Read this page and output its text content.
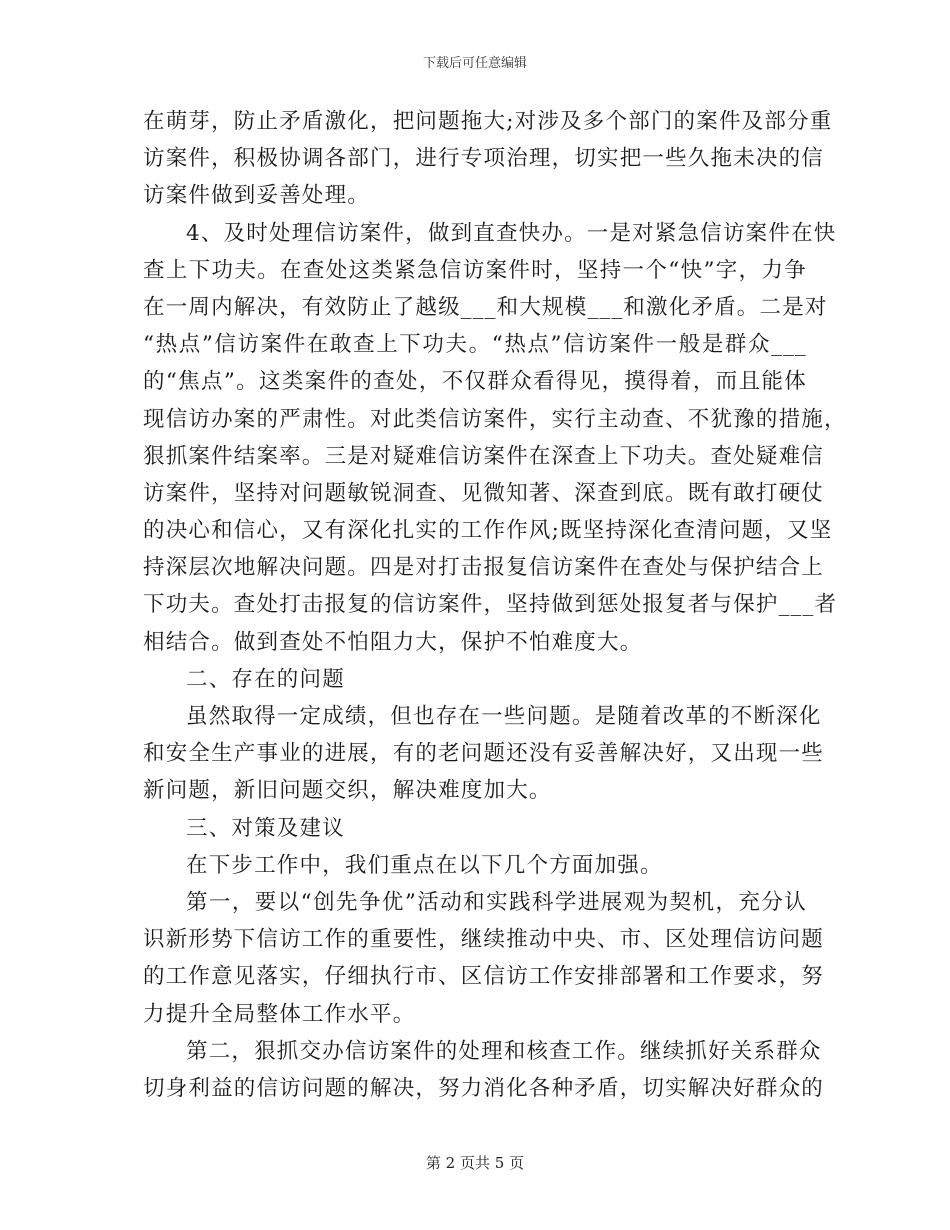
下载后可任意编辑
在萌芽，防止矛盾激化，把问题拖大;对涉及多个部门的案件及部分重
访案件，积极协调各部门，进行专项治理，切实把一些久拖未决的信
访案件做到妥善处理。
4、及时处理信访案件，做到直查快办。一是对紧急信访案件在快
查上下功夫。在查处这类紧急信访案件时，坚持一个“快”字，力争
在一周内解决，有效防止了越级___和大规模___和激化矛盾。二是对
“热点”信访案件在敢查上下功夫。“热点”信访案件一般是群众___
的“焦点”。这类案件的查处，不仅群众看得见，摸得着，而且能体
现信访办案的严肃性。对此类信访案件，实行主动查、不犹豫的措施，
狠抓案件结案率。三是对疑难信访案件在深查上下功夫。查处疑难信
访案件，坚持对问题敏锐洞查、见微知著、深查到底。既有敢打硬仗
的决心和信心，又有深化扎实的工作作风;既坚持深化查清问题，又坚
持深层次地解决问题。四是对打击报复信访案件在查处与保护结合上
下功夫。查处打击报复的信访案件，坚持做到惩处报复者与保护___者
相结合。做到查处不怕阻力大，保护不怕难度大。
二、存在的问题
虽然取得一定成绩，但也存在一些问题。是随着改革的不断深化
和安全生产事业的进展，有的老问题还没有妥善解决好，又出现一些
新问题，新旧问题交织，解决难度加大。
三、对策及建议
在下步工作中，我们重点在以下几个方面加强。
第一，要以“创先争优”活动和实践科学进展观为契机，充分认
识新形势下信访工作的重要性，继续推动中央、市、区处理信访问题
的工作意见落实，仔细执行市、区信访工作安排部署和工作要求，努
力提升全局整体工作水平。
第二，狠抓交办信访案件的处理和核查工作。继续抓好关系群众
切身利益的信访问题的解决，努力消化各种矛盾，切实解决好群众的
第 2 页共 5 页
